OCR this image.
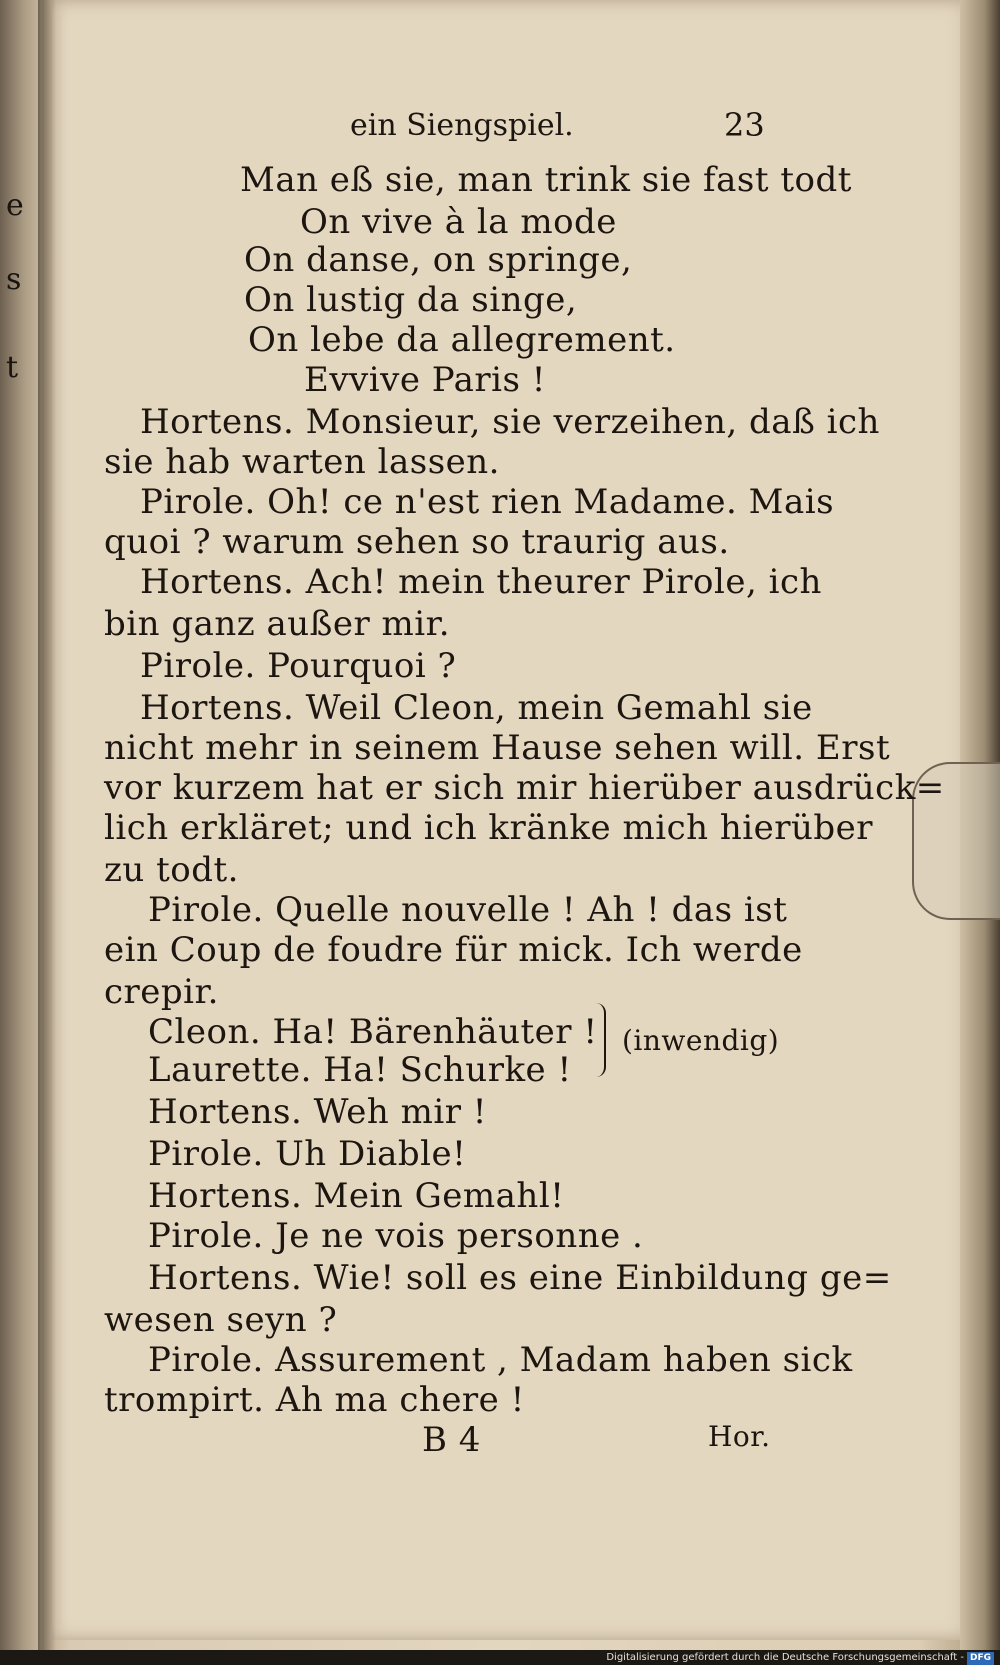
e
s
t
ein Siengspiel.	23
Man eß sie, man trink sie fast todt
On vive à la mode
On danse, on springe,
On lustig da singe,
On lebe da allegrement.
Evvive Paris !
Hortens. Monsieur, sie verzeihen, daß ich
sie hab warten lassen.
Pirole. Oh! ce n'est rien Madame. Mais
quoi ? warum sehen so traurig aus.
Hortens. Ach! mein theurer Pirole, ich
bin ganz außer mir.
Pirole. Pourquoi ?
Hortens. Weil Cleon, mein Gemahl sie
nicht mehr in seinem Hause sehen will. Erst
vor kurzem hat er sich mir hierüber ausdrück=
lich erkläret; und ich kränke mich hierüber
zu todt.
Pirole. Quelle nouvelle ! Ah ! das ist
ein Coup de foudre für mick. Ich werde
crepir.
Cleon. Ha! Bärenhäuter !
Laurette. Ha! Schurke !
(inwendig)
Hortens. Weh mir !
Pirole. Uh Diable!
Hortens. Mein Gemahl!
Pirole. Je ne vois personne .
Hortens. Wie! soll es eine Einbildung ge=
wesen seyn ?
Pirole. Assurement , Madam haben sick
trompirt. Ah ma chere !
B 4	Hor.
Digitalisierung gefördert durch die Deutsche Forschungsgemeinschaft - DFG
